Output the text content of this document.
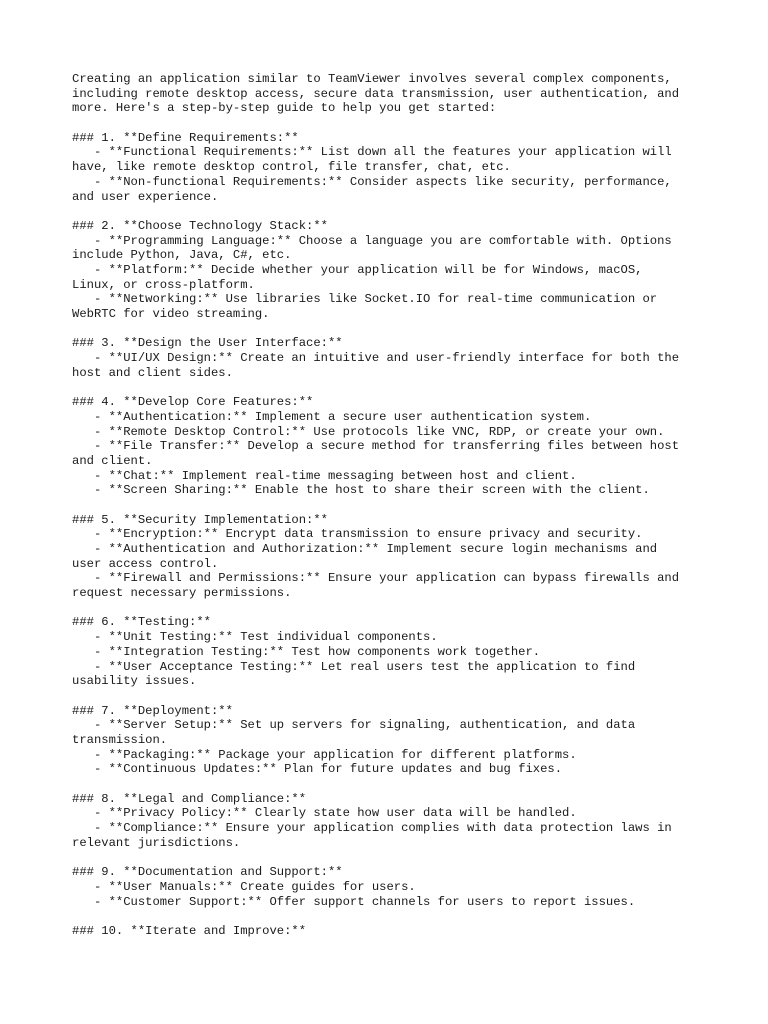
Creating an application similar to TeamViewer involves several complex components,
including remote desktop access, secure data transmission, user authentication, and
more. Here's a step-by-step guide to help you get started:
### 1. **Define Requirements:**
- **Functional Requirements:** List down all the features your application will
have, like remote desktop control, file transfer, chat, etc.
- **Non-functional Requirements:** Consider aspects like security, performance,
and user experience.
### 2. **Choose Technology Stack:**
- **Programming Language:** Choose a language you are comfortable with. Options
include Python, Java, C#, etc.
- **Platform:** Decide whether your application will be for Windows, macOS,
Linux, or cross-platform.
- **Networking:** Use libraries like Socket.IO for real-time communication or
WebRTC for video streaming.
### 3. **Design the User Interface:**
- **UI/UX Design:** Create an intuitive and user-friendly interface for both the
host and client sides.
### 4. **Develop Core Features:**
- **Authentication:** Implement a secure user authentication system.
- **Remote Desktop Control:** Use protocols like VNC, RDP, or create your own.
- **File Transfer:** Develop a secure method for transferring files between host
and client.
- **Chat:** Implement real-time messaging between host and client.
- **Screen Sharing:** Enable the host to share their screen with the client.
### 5. **Security Implementation:**
- **Encryption:** Encrypt data transmission to ensure privacy and security.
- **Authentication and Authorization:** Implement secure login mechanisms and
user access control.
- **Firewall and Permissions:** Ensure your application can bypass firewalls and
request necessary permissions.
### 6. **Testing:**
- **Unit Testing:** Test individual components.
- **Integration Testing:** Test how components work together.
- **User Acceptance Testing:** Let real users test the application to find
usability issues.
### 7. **Deployment:**
- **Server Setup:** Set up servers for signaling, authentication, and data
transmission.
- **Packaging:** Package your application for different platforms.
- **Continuous Updates:** Plan for future updates and bug fixes.
### 8. **Legal and Compliance:**
- **Privacy Policy:** Clearly state how user data will be handled.
- **Compliance:** Ensure your application complies with data protection laws in
relevant jurisdictions.
### 9. **Documentation and Support:**
- **User Manuals:** Create guides for users.
- **Customer Support:** Offer support channels for users to report issues.
### 10. **Iterate and Improve:**
